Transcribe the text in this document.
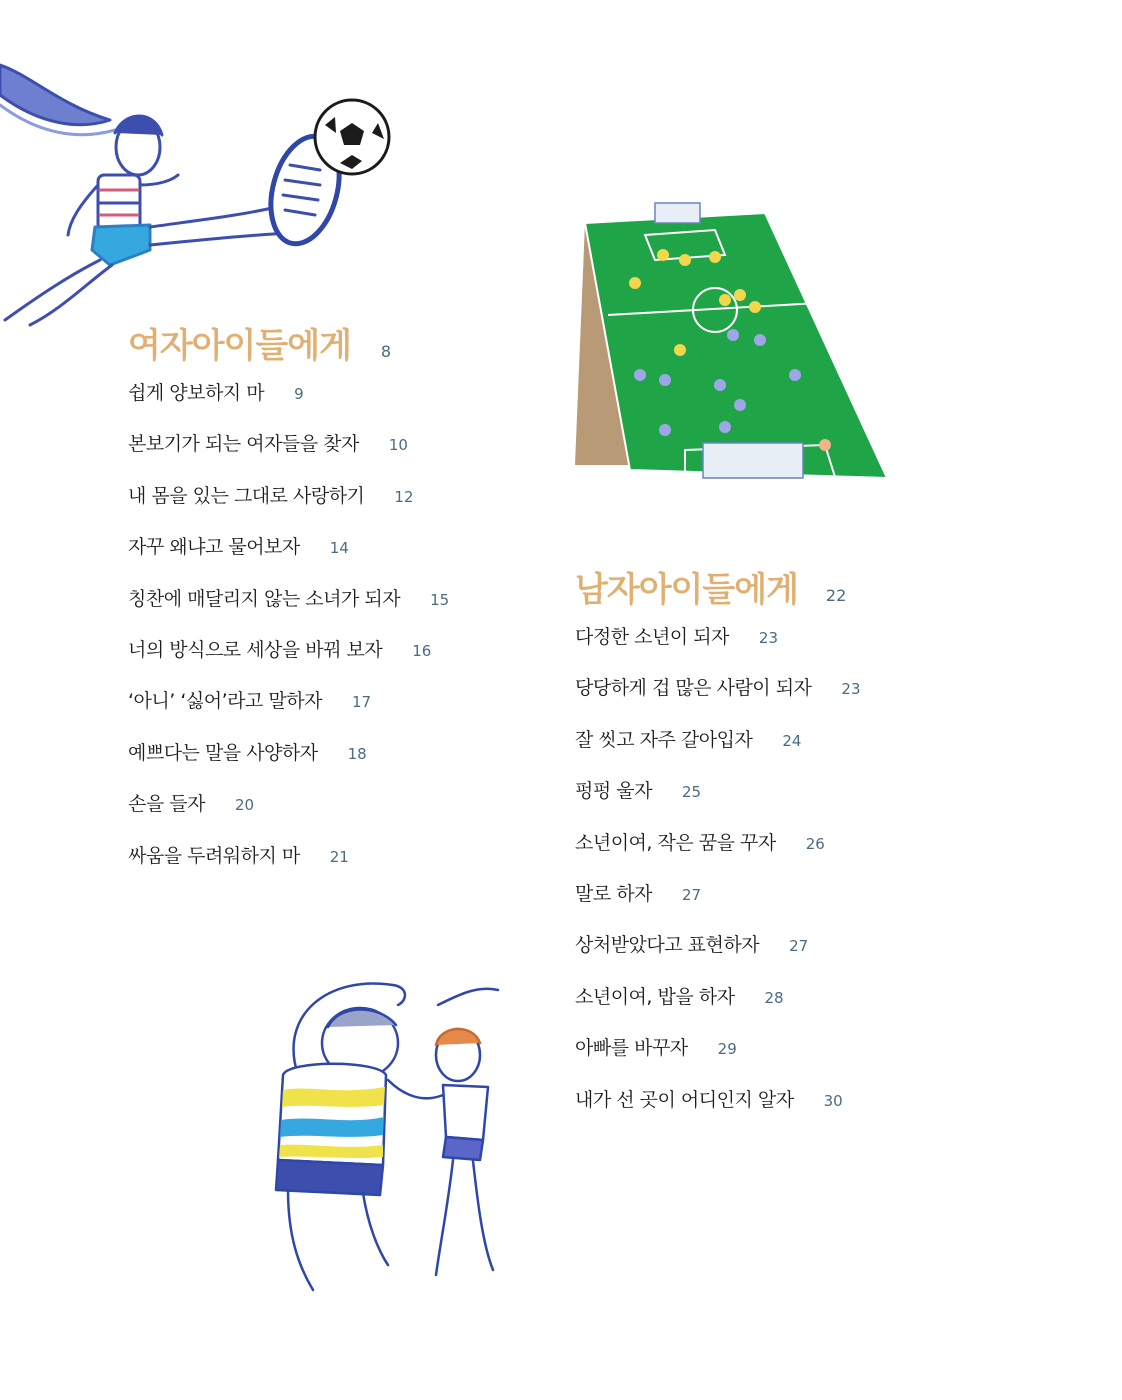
여자아이들에게 8
쉽게 양보하지 마 9
본보기가 되는 여자들을 찾자 10
내 몸을 있는 그대로 사랑하기 12
자꾸 왜냐고 물어보자 14
칭찬에 매달리지 않는 소녀가 되자 15
너의 방식으로 세상을 바꿔 보자 16
‘아니’ ‘싫어’라고 말하자 17
예쁘다는 말을 사양하자 18
손을 들자 20
싸움을 두려워하지 마 21
남자아이들에게 22
다정한 소년이 되자 23
당당하게 겁 많은 사람이 되자 23
잘 씻고 자주 갈아입자 24
펑펑 울자 25
소년이여, 작은 꿈을 꾸자 26
말로 하자 27
상처받았다고 표현하자 27
소년이여, 밥을 하자 28
아빠를 바꾸자 29
내가 선 곳이 어디인지 알자 30
